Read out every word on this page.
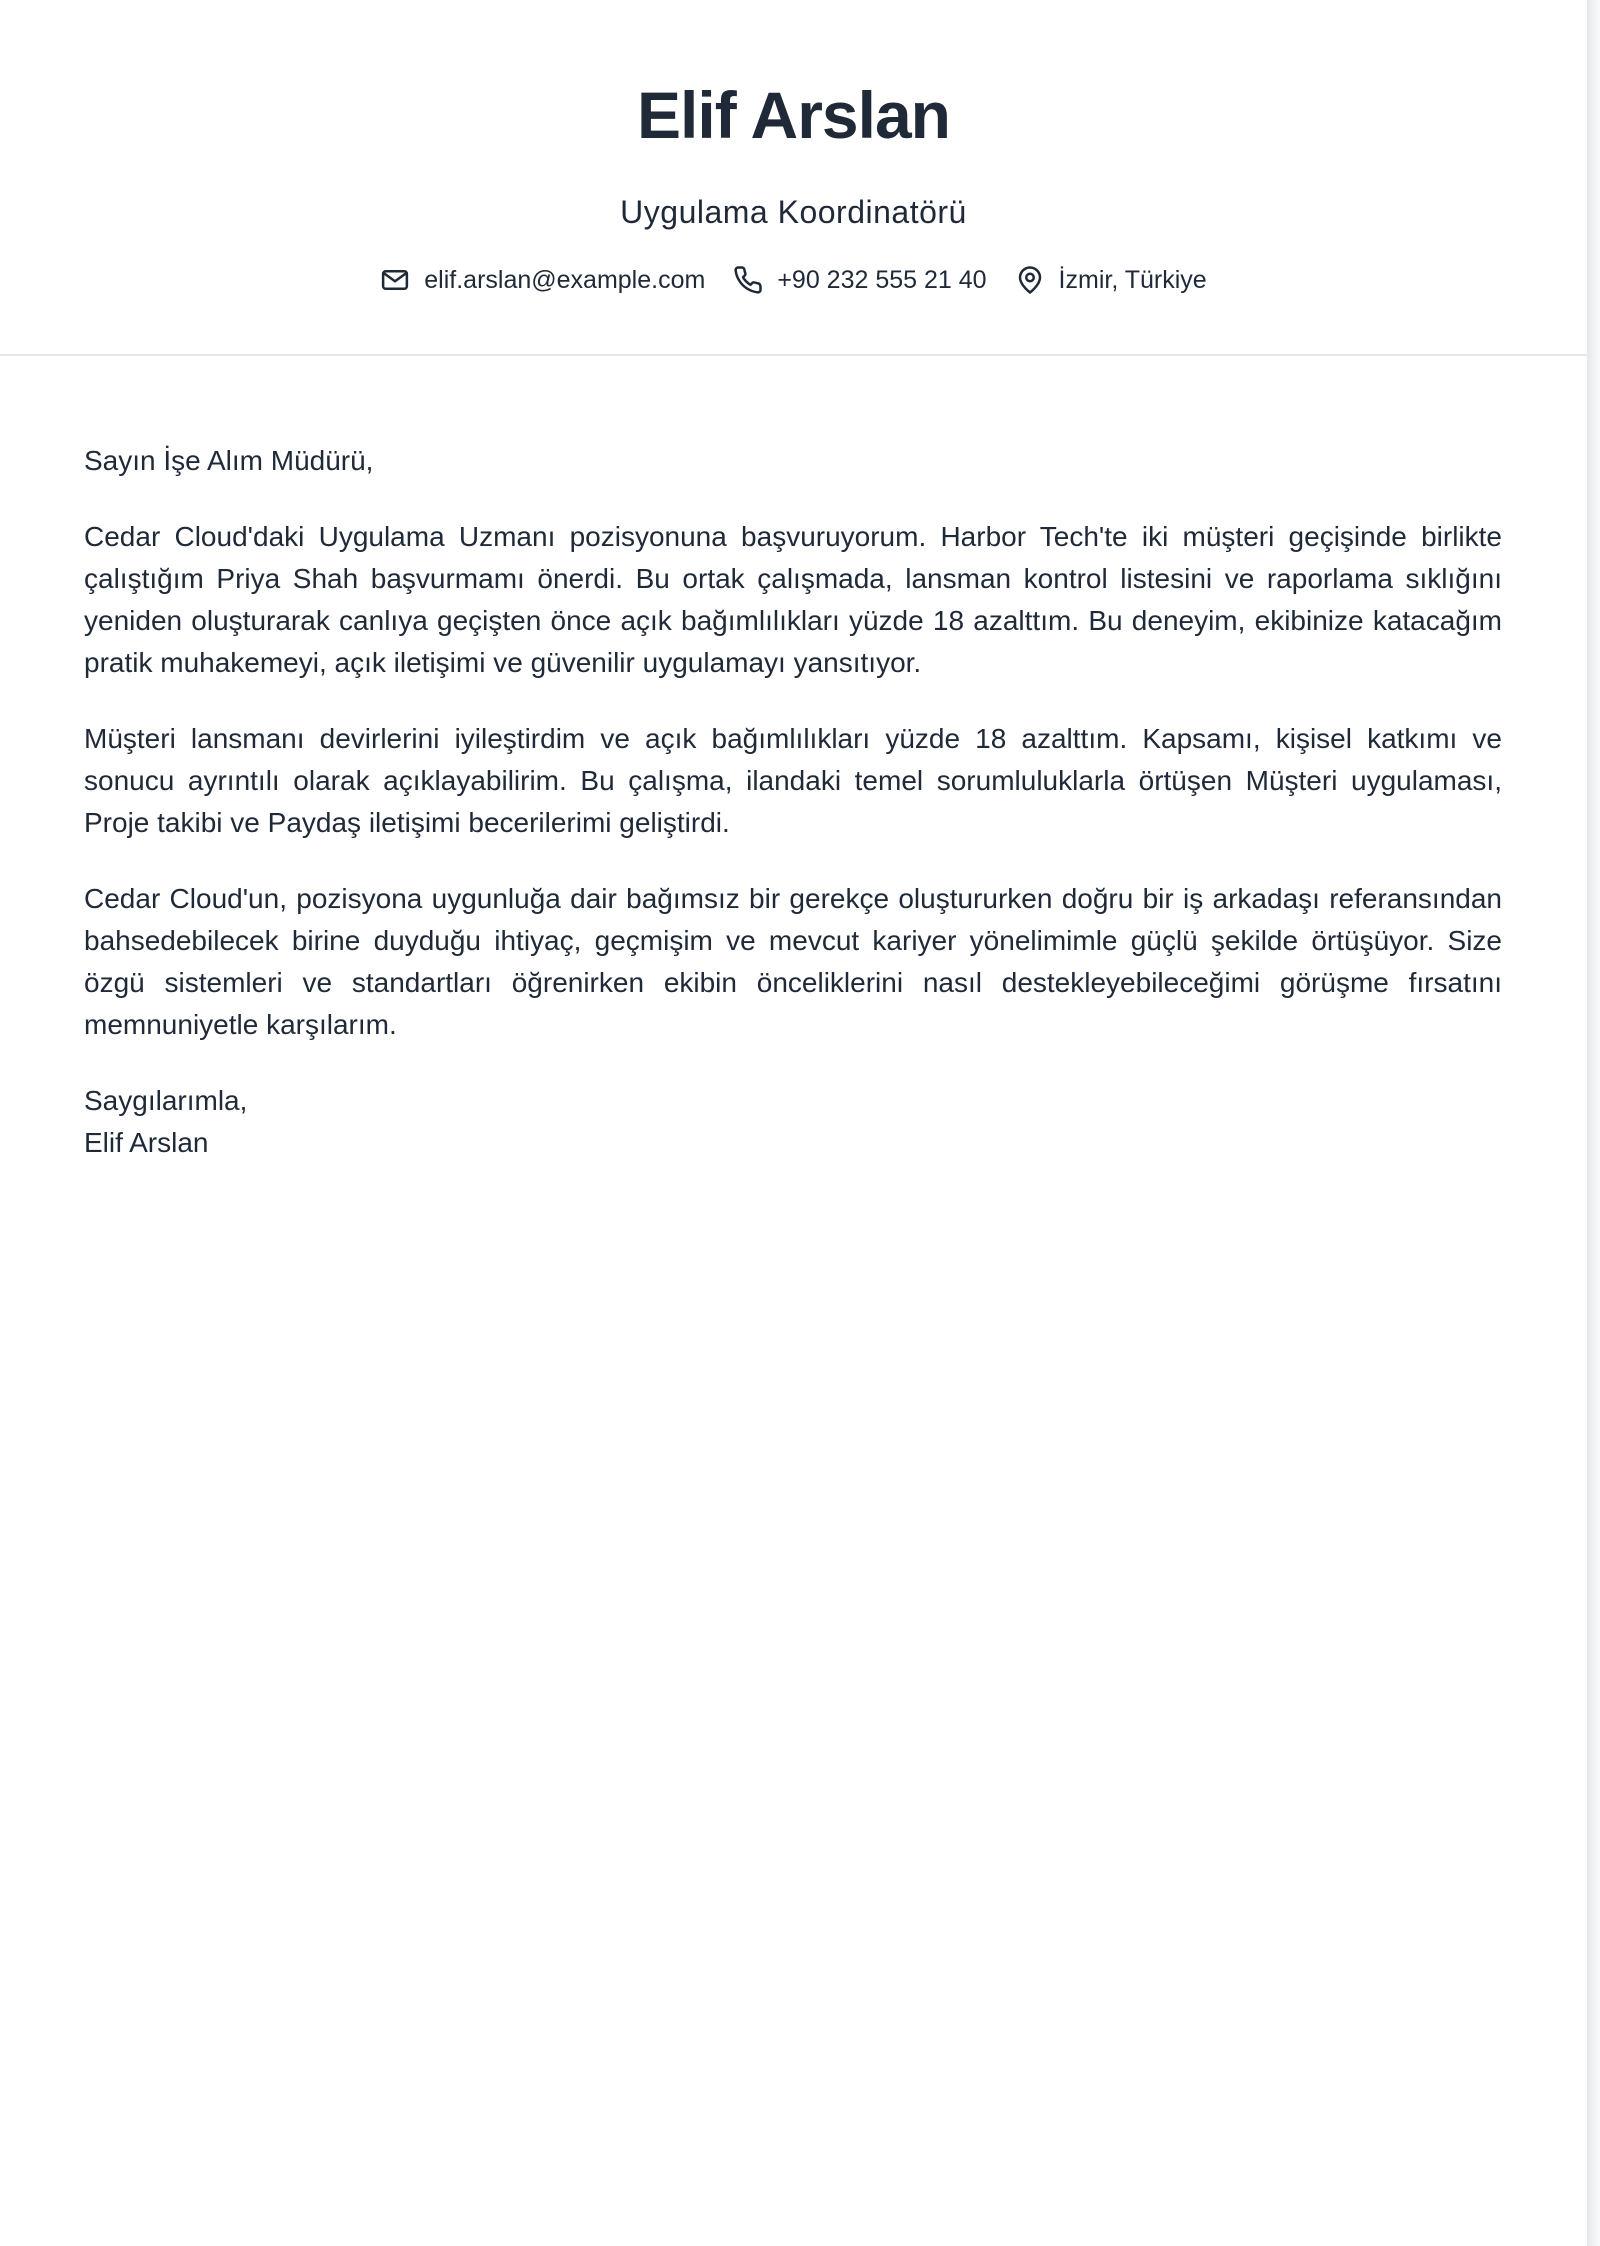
Elif Arslan
Uygulama Koordinatörü
elif.arslan@example.com	+90 232 555 21 40	İzmir, Türkiye

Sayın İşe Alım Müdürü,

Cedar Cloud'daki Uygulama Uzmanı pozisyonuna başvuruyorum. Harbor Tech'te iki müşteri geçişinde birlikte çalıştığım Priya Shah başvurmamı önerdi. Bu ortak çalışmada, lansman kontrol listesini ve raporlama sıklığını yeniden oluşturarak canlıya geçişten önce açık bağımlılıkları yüzde 18 azalttım. Bu deneyim, ekibinize katacağım pratik muhakemeyi, açık iletişimi ve güvenilir uygulamayı yansıtıyor.

Müşteri lansmanı devirlerini iyileştirdim ve açık bağımlılıkları yüzde 18 azalttım. Kapsamı, kişisel katkımı ve sonucu ayrıntılı olarak açıklayabilirim. Bu çalışma, ilandaki temel sorumluluklarla örtüşen Müşteri uygulaması, Proje takibi ve Paydaş iletişimi becerilerimi geliştirdi.

Cedar Cloud'un, pozisyona uygunluğa dair bağımsız bir gerekçe oluştururken doğru bir iş arkadaşı referansından bahsedebilecek birine duyduğu ihtiyaç, geçmişim ve mevcut kariyer yönelimimle güçlü şekilde örtüşüyor. Size özgü sistemleri ve standartları öğrenirken ekibin önceliklerini nasıl destekleyebileceğimi görüşme fırsatını memnuniyetle karşılarım.

Saygılarımla,
Elif Arslan
